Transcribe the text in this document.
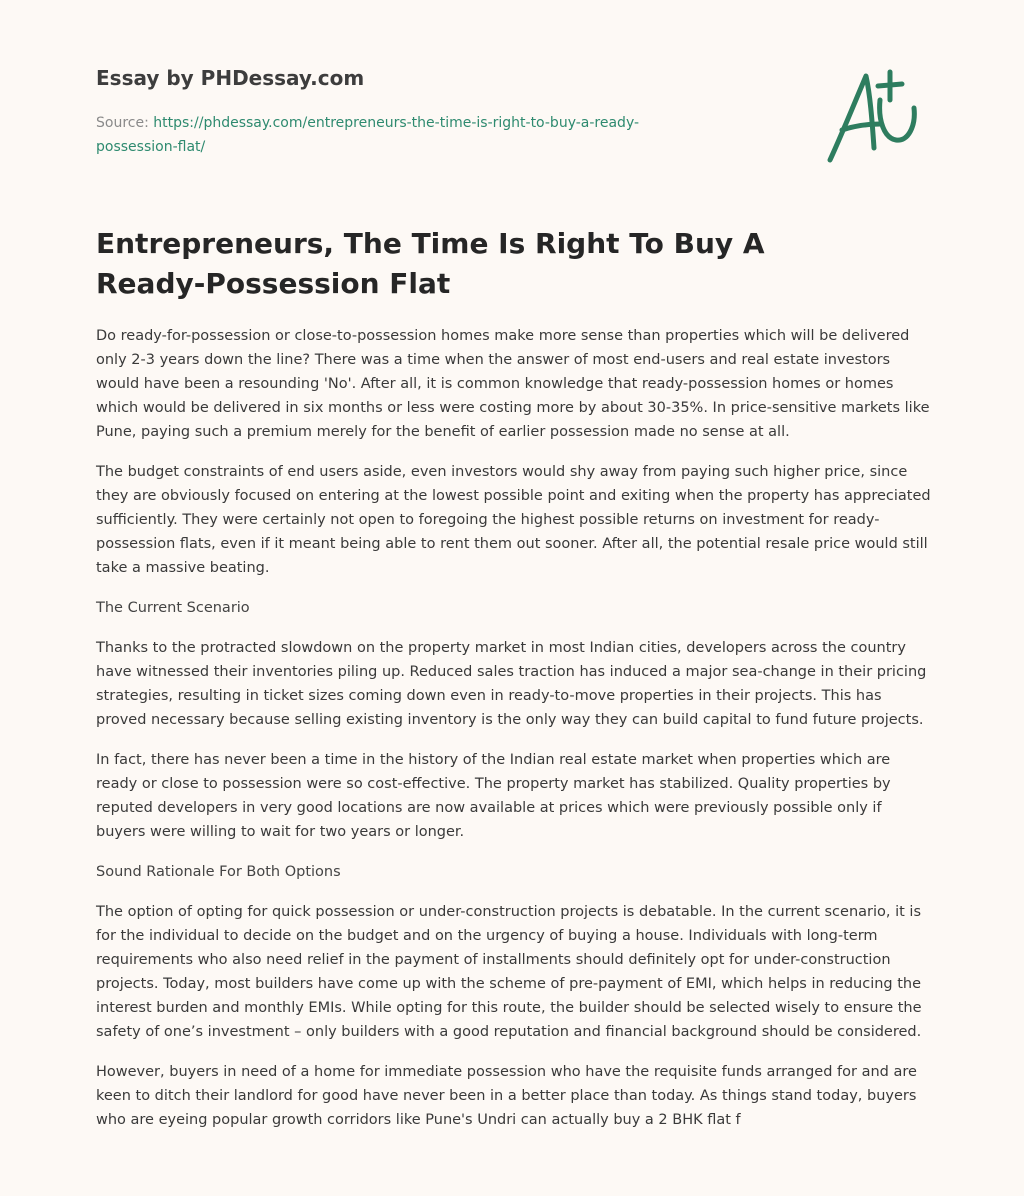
Essay by PHDessay.com
Source: https://phdessay.com/entrepreneurs-the-time-is-right-to-buy-a-ready-
possession-flat/
Entrepreneurs, The Time Is Right To Buy A Ready-Possession Flat

Do ready-for-possession or close-to-possession homes make more sense than properties which will be delivered only 2-3 years down the line? There was a time when the answer of most end-users and real estate investors would have been a resounding 'No'. After all, it is common knowledge that ready-possession homes or homes which would be delivered in six months or less were costing more by about 30-35%. In price-sensitive markets like Pune, paying such a premium merely for the benefit of earlier possession made no sense at all.

The budget constraints of end users aside, even investors would shy away from paying such higher price, since they are obviously focused on entering at the lowest possible point and exiting when the property has appreciated sufficiently. They were certainly not open to foregoing the highest possible returns on investment for ready-possession flats, even if it meant being able to rent them out sooner. After all, the potential resale price would still take a massive beating.

The Current Scenario

Thanks to the protracted slowdown on the property market in most Indian cities, developers across the country have witnessed their inventories piling up. Reduced sales traction has induced a major sea-change in their pricing strategies, resulting in ticket sizes coming down even in ready-to-move properties in their projects. This has proved necessary because selling existing inventory is the only way they can build capital to fund future projects.

In fact, there has never been a time in the history of the Indian real estate market when properties which are ready or close to possession were so cost-effective. The property market has stabilized. Quality properties by reputed developers in very good locations are now available at prices which were previously possible only if buyers were willing to wait for two years or longer.

Sound Rationale For Both Options

The option of opting for quick possession or under-construction projects is debatable. In the current scenario, it is for the individual to decide on the budget and on the urgency of buying a house. Individuals with long-term requirements who also need relief in the payment of installments should definitely opt for under-construction projects. Today, most builders have come up with the scheme of pre-payment of EMI, which helps in reducing the interest burden and monthly EMIs. While opting for this route, the builder should be selected wisely to ensure the safety of one’s investment – only builders with a good reputation and financial background should be considered.

However, buyers in need of a home for immediate possession who have the requisite funds arranged for and are keen to ditch their landlord for good have never been in a better place than today. As things stand today, buyers who are eyeing popular growth corridors like Pune's Undri can actually buy a 2 BHK flat f
